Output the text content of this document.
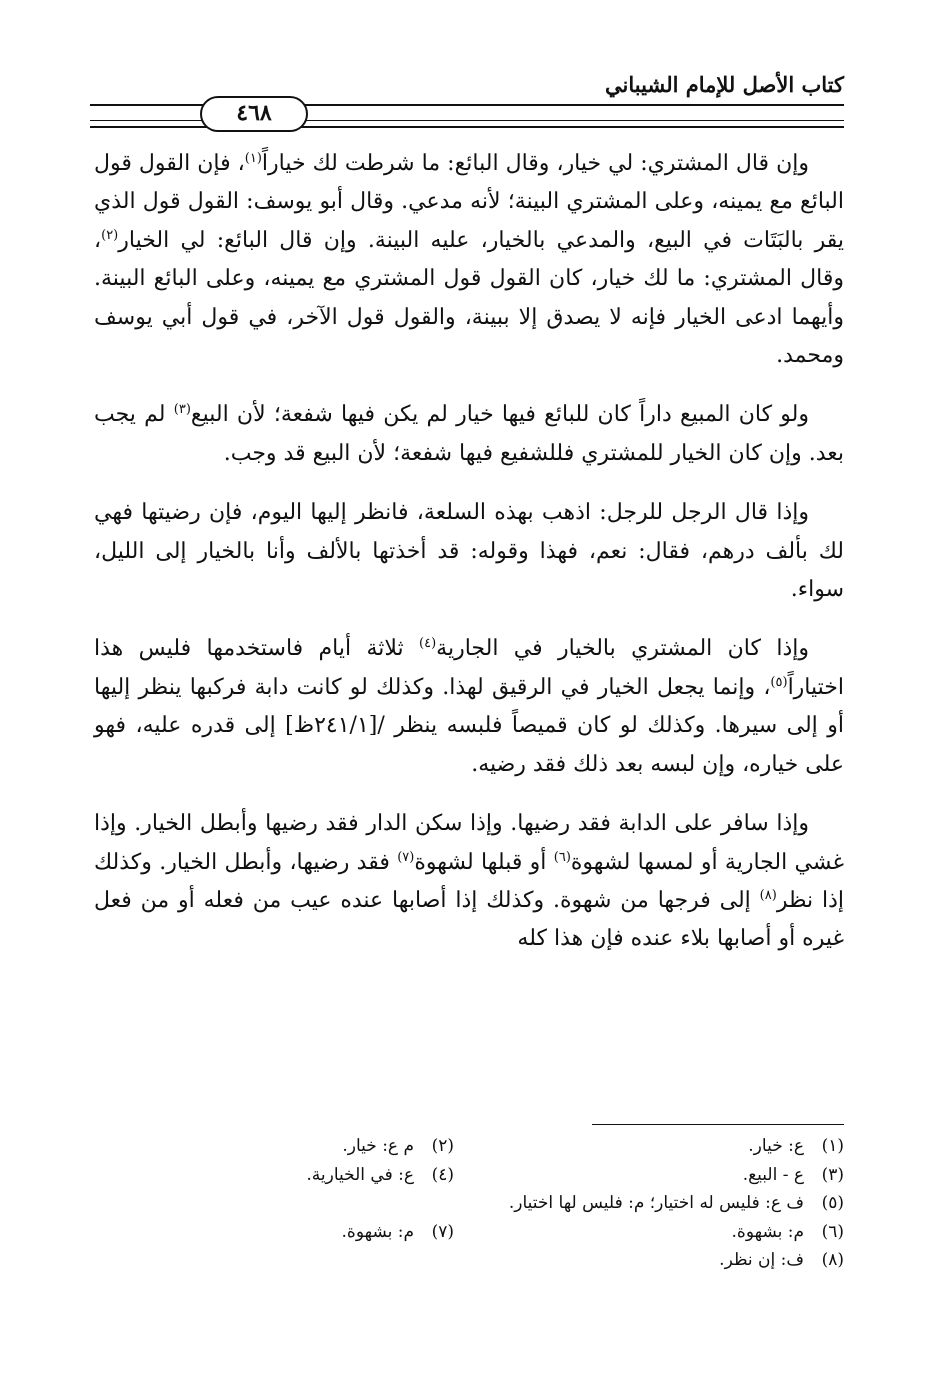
كتاب الأصل للإمام الشيباني
٤٦٨

وإن قال المشتري: لي خيار، وقال البائع: ما شرطت لك خياراً$^{(١)}$، فإن القول قول البائع مع يمينه، وعلى المشتري البينة؛ لأنه مدعي. وقال أبو يوسف: القول قول الذي يقر بالبَتَات في البيع، والمدعي بالخيار، عليه البينة. وإن قال البائع: لي الخيار$^{(٢)}$، وقال المشتري: ما لك خيار، كان القول قول المشتري مع يمينه، وعلى البائع البينة. وأيهما ادعى الخيار فإنه لا يصدق إلا ببينة، والقول قول الآخر، في قول أبي يوسف ومحمد.

ولو كان المبيع داراً كان للبائع فيها خيار لم يكن فيها شفعة؛ لأن البيع$^{(٣)}$ لم يجب بعد. وإن كان الخيار للمشتري فللشفيع فيها شفعة؛ لأن البيع قد وجب.

وإذا قال الرجل للرجل: اذهب بهذه السلعة، فانظر إليها اليوم، فإن رضيتها فهي لك بألف درهم، فقال: نعم، فهذا وقوله: قد أخذتها بالألف وأنا بالخيار إلى الليل، سواء.

وإذا كان المشتري بالخيار في الجارية$^{(٤)}$ ثلاثة أيام فاستخدمها فليس هذا اختياراً$^{(٥)}$، وإنما يجعل الخيار في الرقيق لهذا. وكذلك لو كانت دابة فركبها ينظر إليها أو إلى سيرها. وكذلك لو كان قميصاً فلبسه ينظر /[٢٤١/١ظ] إلى قدره عليه، فهو على خياره، وإن لبسه بعد ذلك فقد رضيه.

وإذا سافر على الدابة فقد رضيها. وإذا سكن الدار فقد رضيها وأبطل الخيار. وإذا غشي الجارية أو لمسها لشهوة$^{(٦)}$ أو قبلها لشهوة$^{(٧)}$ فقد رضيها، وأبطل الخيار. وكذلك إذا نظر$^{(٨)}$ إلى فرجها من شهوة. وكذلك إذا أصابها عنده عيب من فعله أو من فعل غيره أو أصابها بلاء عنده فإن هذا كله

(١)
ع: خيار.
(٢)
م ع: خيار.
(٣)
ع - البيع.
(٤)
ع: في الخيارية.
(٥)
ف ع: فليس له اختيار؛ م: فليس لها اختيار.
(٦)
م: بشهوة.
(٧)
م: بشهوة.
(٨)
ف: إن نظر.
